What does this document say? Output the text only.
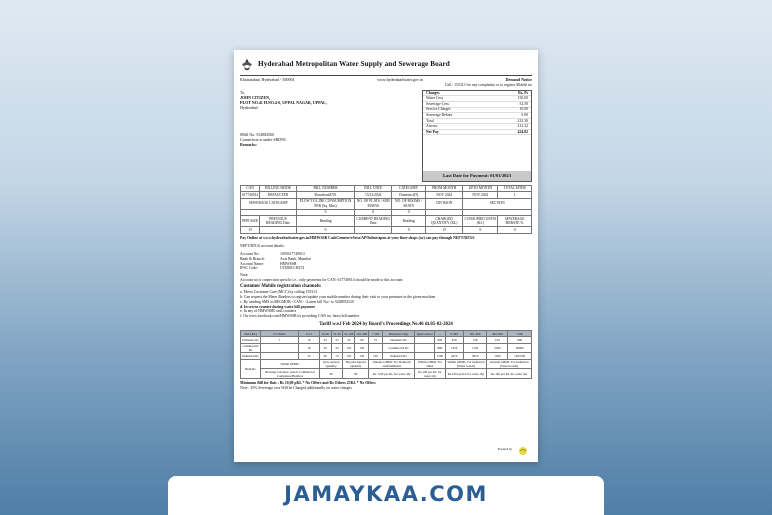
Hyderabad Metropolitan Water Supply and Sewerage Board
Khairatabad, Hyderabad - 500004	www.hyderabadwater.gov.in	Demand Notice
Call : 155313 for any complaints or to register Mobile no
To,
JOHN CITIZEN,
PLOT NO.41 H.NO.4-6, UPPAL NAGAR, UPPAL,
Hyderabad.
SBill No: 554884560
Connection is under SBDNC
Remarks:
Charges	Rs. Ps
Water Cess	150.00
Sewerage Cess	52.50
Service Charges	10.00
Sewerage Rebate	0.00
Total	212.50
Arrears	212.32
Net Pay	424.82
Last Date for Payment: 01/01/2023
CAN	BILLING MODE	BILL NUMBER	BILL DATE	CATEGORY	FROM MONTH	UPTO MONTH	TOTAL MTHS
617740014	DEFAULTED	Download4701	15/12/2024	Domestic(D)	NOV 2024	NOV 2024	1
SEWERAGE CATEGORY		FLOW TO LINE CONSUMPTION PER (Sq. Mtrs)	NO. OF FLATS / SUB MAINS	NO. OF ROOMS / SEATS	DIVISION	SECTION	
		0	0	0			
PIPE SIZE	PREVIOUS READING Date	Reading	CURRENT READING Date	Reading	CHARGED QUANTITY (KL)	CONSUMED UNITS (KL)	SEWERAGE REBATE %
15		0		0	15	0	0
Pay Online at www.hyderabadwater.gov.in/HMWSSB CashCounter/eSeva/APOnline/apon at your finer shops (or) can pay through NEFT/RTGS
NEFT/RTGS account details:
Account No:	1005617740014
Bank & Branch:	Axis Bank, Mumbai
Account Name:	HMWSSB
IFSC Code:	UTIB0CCH274
Note:
Account no is connection specific i.e., only payments for CAN: 617740014 should be made to this account
Customer Mobile registration channels:
a. Metro Customer Care (MCC) by calling 155313
b. Can request the Meter Readers to register/update your mobile number during their visit to your premises in the given machine
c. By sending SMS as REGMOB <CAN> <Latest bill No> to 9248092520
d. In sewra counter during water bill payment
e. In any of HMWSSB cash counters
f. On www.facebook.com/HMWSSB by providing CAN no, latest bill number
Tariff w.e.f Feb 2024 by Board's Proceedings No.46 dt.05-02-2024
Slab (KL)	0-5 Slabs	0-15	16-30	31-50	51-100	101-200	> 200	Monsoon Chgs	Quota above	...	0-300	301-400	401-500	>500
Domestic Rs	7	10	22	25	45	60	75	Domestic Rs		900	450	128	109	990
Commercial Rs		19	29	43	120	150		Commercial Rs		880	1450	1102	2300	36000
Industrial Rs		35	60	70	120	120	130	Industrial Rs		1200	2470	3870	1200	1267500
Bulk Rs	Within GHMC		Upto Agreed Quantity		Beyond Agreed Quantity		Outside GHMC For Domestic establishments		Within GHMC For Other		Within GHMC For Industrial (Water bonds)		Outside GHMC For Industrial (Water bonds)	
	Housing Colonies/ Gated/ Commercial Complexes/Builders		60		80		Rs. 5.00 per KL for water shy		Rs.100 per KL for water shy		Rs.100 per KL for water shy		Rs.100 per KL for water shy	
Minimum Bill for flats : Rs 10,00 pKL * No Offers and Rs Others 25KL * No Offers
Note : 35% Sewerage cess Will be Charged additionally on water charges
Powered by
JAMAYKAA.COM
